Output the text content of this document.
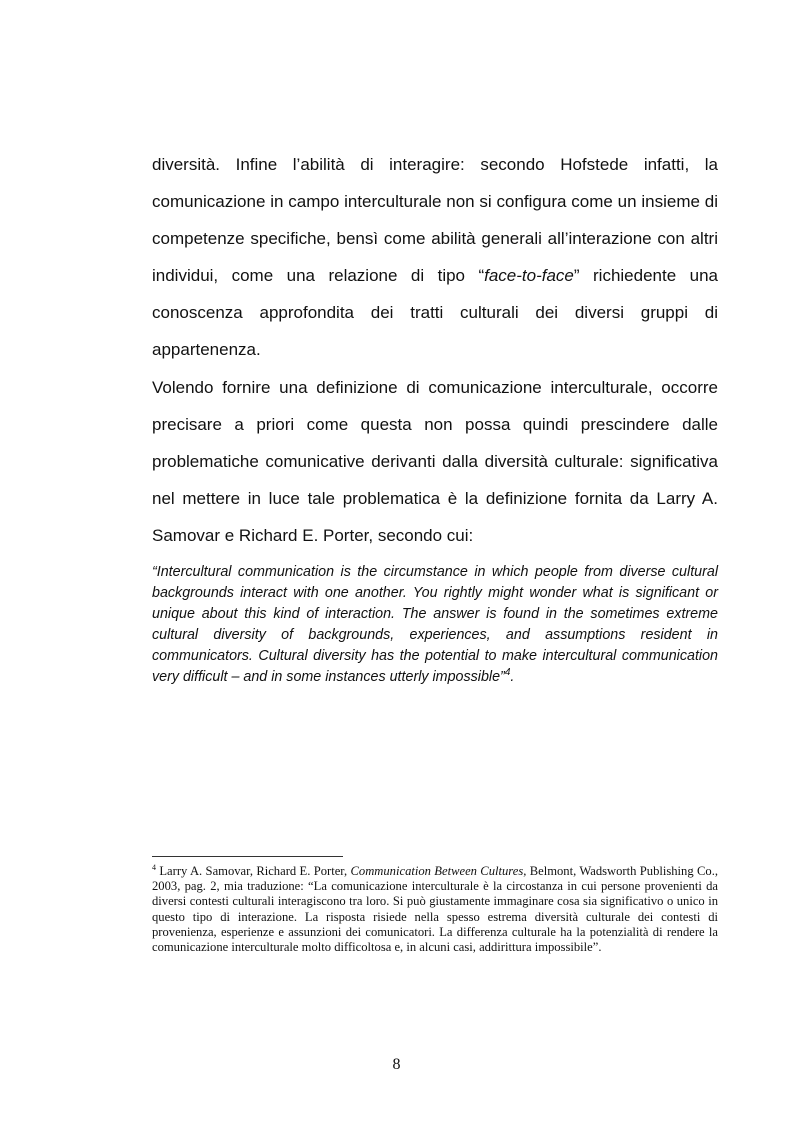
diversità. Infine l’abilità di interagire: secondo Hofstede infatti, la comunicazione in campo interculturale non si configura come un insieme di competenze specifiche, bensì come abilità generali all’interazione con altri individui, come una relazione di tipo “face-to-face” richiedente una conoscenza approfondita dei tratti culturali dei diversi gruppi di appartenenza.

Volendo fornire una definizione di comunicazione interculturale, occorre precisare a priori come questa non possa quindi prescindere dalle problematiche comunicative derivanti dalla diversità culturale: significativa nel mettere in luce tale problematica è la definizione fornita da Larry A. Samovar e Richard E. Porter, secondo cui:

“Intercultural communication is the circumstance in which people from diverse cultural backgrounds interact with one another. You rightly might wonder what is significant or unique about this kind of interaction. The answer is found in the sometimes extreme cultural diversity of backgrounds, experiences, and assumptions resident in communicators. Cultural diversity has the potential to make intercultural communication very difficult – and in some instances utterly impossible”$^4$.

$^4$ Larry A. Samovar, Richard E. Porter, Communication Between Cultures, Belmont, Wadsworth Publishing Co., 2003, pag. 2, mia traduzione: “La comunicazione interculturale è la circostanza in cui persone provenienti da diversi contesti culturali interagiscono tra loro. Si può giustamente immaginare cosa sia significativo o unico in questo tipo di interazione. La risposta risiede nella spesso estrema diversità culturale dei contesti di provenienza, esperienze e assunzioni dei comunicatori. La differenza culturale ha la potenzialità di rendere la comunicazione interculturale molto difficoltosa e, in alcuni casi, addirittura impossibile”.

8
